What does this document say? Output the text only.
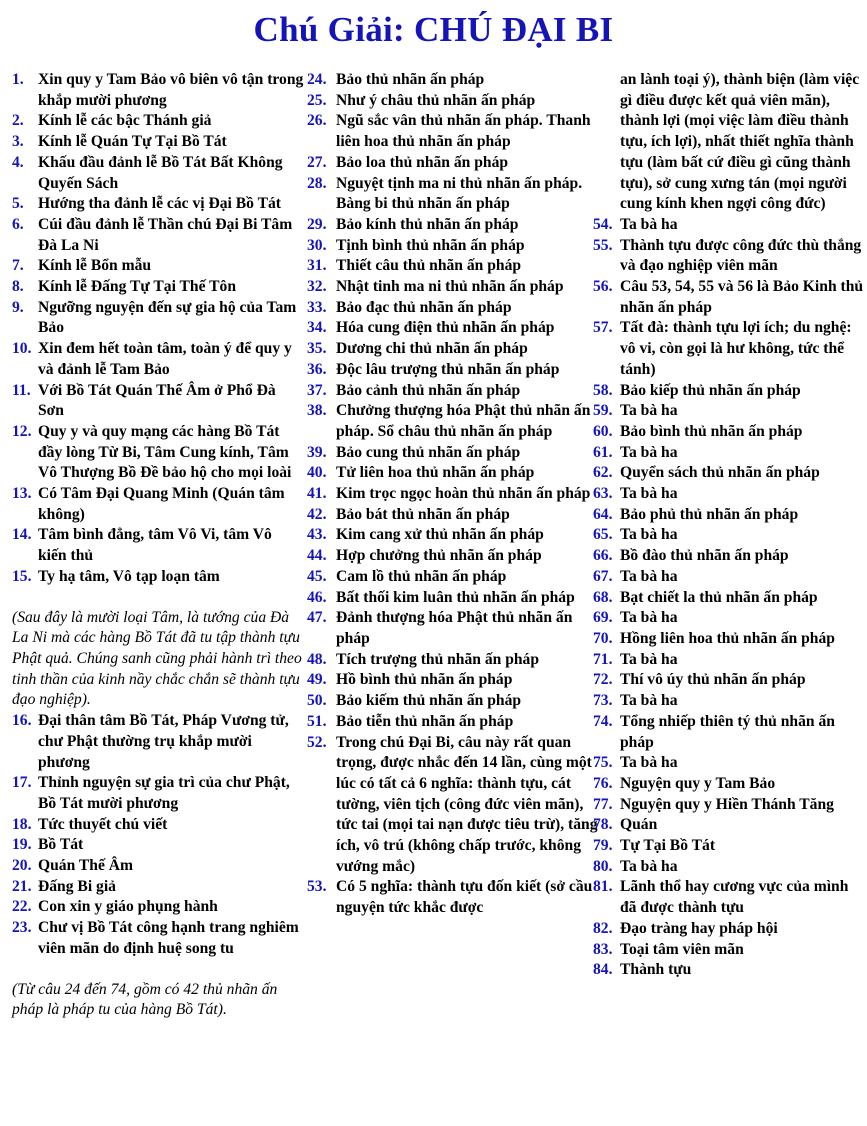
Chú Giải: CHÚ ĐẠI BI
1. Xin quy y Tam Bảo vô biên vô tận trong khắp mười phương
2. Kính lễ các bậc Thánh giả
3. Kính lễ Quán Tự Tại Bồ Tát
4. Khấu đầu đảnh lễ Bồ Tát Bất Không Quyến Sách
5. Hướng tha đảnh lễ các vị Đại Bồ Tát
6. Cúi đầu đảnh lễ Thần chú Đại Bi Tâm Đà La Ni
7. Kính lễ Bổn mẫu
8. Kính lễ Đấng Tự Tại Thế Tôn
9. Ngưỡng nguyện đến sự gia hộ của Tam Bảo
10. Xin đem hết toàn tâm, toàn ý để quy y và đảnh lễ Tam Bảo
11. Với Bồ Tát Quán Thế Âm ở Phổ Đà Sơn
12. Quy y và quy mạng các hàng Bồ Tát đầy lòng Từ Bi, Tâm Cung kính, Tâm Vô Thượng Bồ Đề bảo hộ cho mọi loài
13. Có Tâm Đại Quang Minh (Quán tâm không)
14. Tâm bình đẳng, tâm Vô Vi, tâm Vô kiến thủ
15. Ty hạ tâm, Vô tạp loạn tâm
(Sau đây là mười loại Tâm, là tướng của Đà La Ni mà các hàng Bồ Tát đã tu tập thành tựu Phật quả. Chúng sanh cũng phải hành trì theo tinh thần của kinh nầy chắc chắn sẽ thành tựu đạo nghiệp).
16. Đại thân tâm Bồ Tát, Pháp Vương tử, chư Phật thường trụ khắp mười phương
17. Thỉnh nguyện sự gia trì của chư Phật, Bồ Tát mười phương
18. Tức thuyết chú viết
19. Bồ Tát
20. Quán Thế Âm
21. Đấng Bi giả
22. Con xin y giáo phụng hành
23. Chư vị Bồ Tát công hạnh trang nghiêm viên mãn do định huệ song tu
(Từ câu 24 đến 74, gồm có 42 thủ nhãn ấn pháp là pháp tu của hàng Bồ Tát).
24. Bảo thủ nhãn ấn pháp
25. Như ý châu thủ nhãn ấn pháp
26. Ngũ sắc vân thủ nhãn ấn pháp. Thanh liên hoa thủ nhãn ấn pháp
27. Bảo loa thủ nhãn ấn pháp
28. Nguyệt tịnh ma ni thủ nhãn ấn pháp. Bàng bi thủ nhãn ấn pháp
29. Bảo kính thủ nhãn ấn pháp
30. Tịnh bình thủ nhãn ấn pháp
31. Thiết câu thủ nhãn ấn pháp
32. Nhật tinh ma ni thủ nhãn ấn pháp
33. Bảo đạc thủ nhãn ấn pháp
34. Hóa cung điện thủ nhãn ấn pháp
35. Dương chi thủ nhãn ấn pháp
36. Độc lâu trượng thủ nhãn ấn pháp
37. Bảo cảnh thủ nhãn ấn pháp
38. Chưởng thượng hóa Phật thủ nhãn ấn pháp. Sổ châu thủ nhãn ấn pháp
39. Bảo cung thủ nhãn ấn pháp
40. Tử liên hoa thủ nhãn ấn pháp
41. Kim trọc ngọc hoàn thủ nhãn ấn pháp
42. Bảo bát thủ nhãn ấn pháp
43. Kim cang xử thủ nhãn ấn pháp
44. Hợp chưởng thủ nhãn ấn pháp
45. Cam lồ thủ nhãn ấn pháp
46. Bất thối kim luân thủ nhãn ấn pháp
47. Đảnh thượng hóa Phật thủ nhãn ấn pháp
48. Tích trượng thủ nhãn ấn pháp
49. Hồ bình thủ nhãn ấn pháp
50. Bảo kiếm thủ nhãn ấn pháp
51. Bảo tiễn thủ nhãn ấn pháp
52. Trong chú Đại Bi, câu này rất quan trọng, được nhắc đến 14 lần, cùng một lúc có tất cả 6 nghĩa: thành tựu, cát tường, viên tịch (công đức viên mãn), tức tai (mọi tai nạn được tiêu trừ), tăng ích, vô trú (không chấp trước, không vướng mắc)
53. Có 5 nghĩa: thành tựu đốn kiết (sở cầu nguyện tức khắc được
an lành toại ý), thành biện (làm việc gì điều được kết quả viên mãn), thành lợi (mọi việc làm điều thành tựu, ích lợi), nhất thiết nghĩa thành tựu (làm bất cứ điều gì cũng thành tựu), sở cung xưng tán (mọi người cung kính khen ngợi công đức)
54. Ta bà ha
55. Thành tựu được công đức thù thắng và đạo nghiệp viên mãn
56. Câu 53, 54, 55 và 56 là Bảo Kinh thủ nhãn ấn pháp
57. Tất đà: thành tựu lợi ích; du nghệ: vô vi, còn gọi là hư không, tức thể tánh)
58. Bảo kiếp thủ nhãn ấn pháp
59. Ta bà ha
60. Bảo bình thủ nhãn ấn pháp
61. Ta bà ha
62. Quyển sách thủ nhãn ấn pháp
63. Ta bà ha
64. Bảo phủ thủ nhãn ấn pháp
65. Ta bà ha
66. Bồ đào thủ nhãn ấn pháp
67. Ta bà ha
68. Bạt chiết la thủ nhãn ấn pháp
69. Ta bà ha
70. Hồng liên hoa thủ nhãn ấn pháp
71. Ta bà ha
72. Thí vô úy thủ nhãn ấn pháp
73. Ta bà ha
74. Tổng nhiếp thiên tý thủ nhãn ấn pháp
75. Ta bà ha
76. Nguyện quy y Tam Bảo
77. Nguyện quy y Hiền Thánh Tăng
78. Quán
79. Tự Tại Bồ Tát
80. Ta bà ha
81. Lãnh thổ hay cương vực của mình đã được thành tựu
82. Đạo tràng hay pháp hội
83. Toại tâm viên mãn
84. Thành tựu
